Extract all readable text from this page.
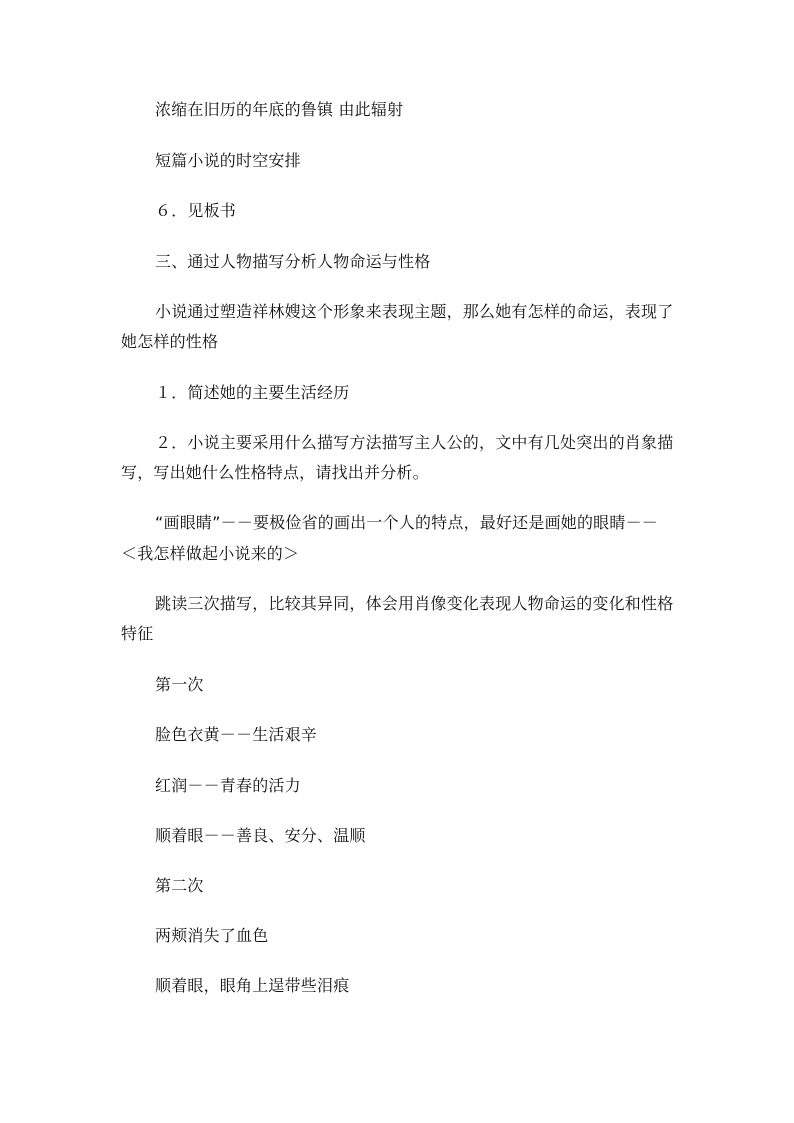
浓缩在旧历的年底的鲁镇 由此辐射
短篇小说的时空安排
６．见板书
三、通过人物描写分析人物命运与性格
小说通过塑造祥林嫂这个形象来表现主题，那么她有怎样的命运，表现了
她怎样的性格
１．简述她的主要生活经历
２．小说主要采用什么描写方法描写主人公的，文中有几处突出的肖象描
写，写出她什么性格特点，请找出并分析。
“画眼睛”－－要极俭省的画出一个人的特点，最好还是画她的眼睛－－
＜我怎样做起小说来的＞
跳读三次描写，比较其异同，体会用肖像变化表现人物命运的变化和性格
特征
第一次
脸色衣黄－－生活艰辛
红润－－青春的活力
顺着眼－－善良、安分、温顺
第二次
两颊消失了血色
顺着眼，眼角上逞带些泪痕
